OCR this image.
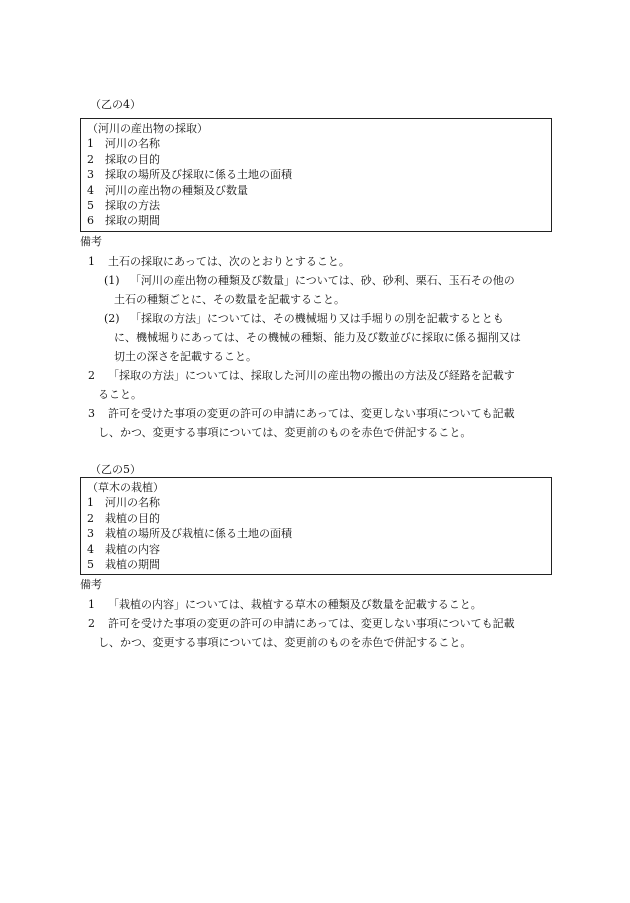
（乙の4）
（河川の産出物の採取）
1	河川の名称
2	採取の目的
3	採取の場所及び採取に係る土地の面積
4	河川の産出物の種類及び数量
5	採取の方法
6	採取の期間
備考
1 土石の採取にあっては、次のとおりとすること。
(1) 「河川の産出物の種類及び数量」については、砂、砂利、栗石、玉石その他の
土石の種類ごとに、その数量を記載すること。
(2) 「採取の方法」については、その機械堀り又は手堀りの別を記載するととも
に、機械堀りにあっては、その機械の種類、能力及び数並びに採取に係る掘削又は
切土の深さを記載すること。
2 「採取の方法」については、採取した河川の産出物の搬出の方法及び経路を記載す
ること。
3 許可を受けた事項の変更の許可の申請にあっては、変更しない事項についても記載
し、かつ、変更する事項については、変更前のものを赤色で併記すること。
（乙の5）
（草木の栽植）
1	河川の名称
2	栽植の目的
3	栽植の場所及び栽植に係る土地の面積
4	栽植の内容
5	栽植の期間
備考
1 「栽植の内容」については、栽植する草木の種類及び数量を記載すること。
2 許可を受けた事項の変更の許可の申請にあっては、変更しない事項についても記載
し、かつ、変更する事項については、変更前のものを赤色で併記すること。
